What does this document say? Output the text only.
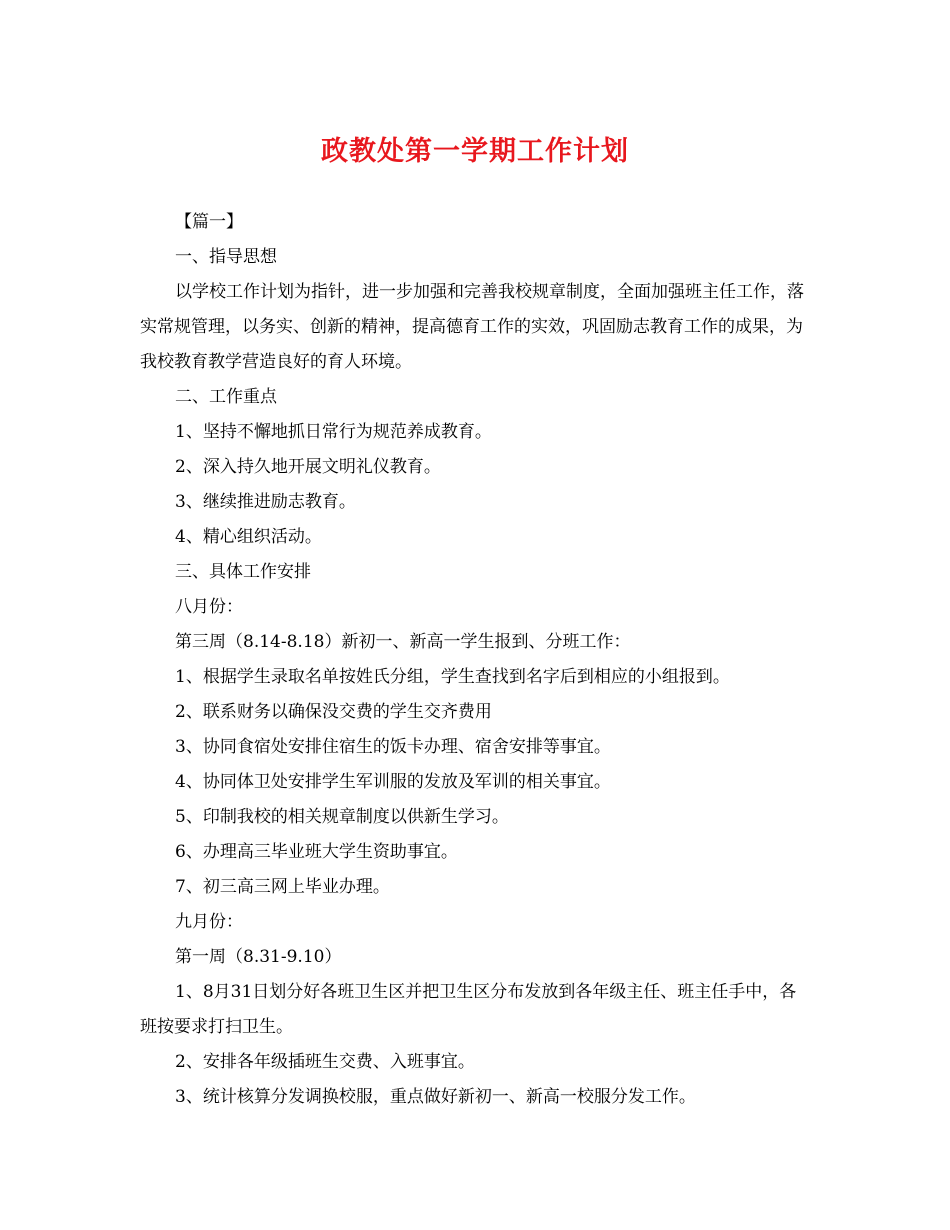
政教处第一学期工作计划

【篇一】

一、指导思想

以学校工作计划为指针，进一步加强和完善我校规章制度，全面加强班主任工作，落实常规管理，以务实、创新的精神，提高德育工作的实效，巩固励志教育工作的成果，为我校教育教学营造良好的育人环境。

二、工作重点

1、坚持不懈地抓日常行为规范养成教育。

2、深入持久地开展文明礼仪教育。

3、继续推进励志教育。

4、精心组织活动。

三、具体工作安排

八月份：

第三周（8.14-8.18）新初一、新高一学生报到、分班工作：

1、根据学生录取名单按姓氏分组，学生查找到名字后到相应的小组报到。

2、联系财务以确保没交费的学生交齐费用

3、协同食宿处安排住宿生的饭卡办理、宿舍安排等事宜。

4、协同体卫处安排学生军训服的发放及军训的相关事宜。

5、印制我校的相关规章制度以供新生学习。

6、办理高三毕业班大学生资助事宜。

7、初三高三网上毕业办理。

九月份：

第一周（8.31-9.10）

1、8月31日划分好各班卫生区并把卫生区分布发放到各年级主任、班主任手中，各班按要求打扫卫生。

2、安排各年级插班生交费、入班事宜。

3、统计核算分发调换校服，重点做好新初一、新高一校服分发工作。
